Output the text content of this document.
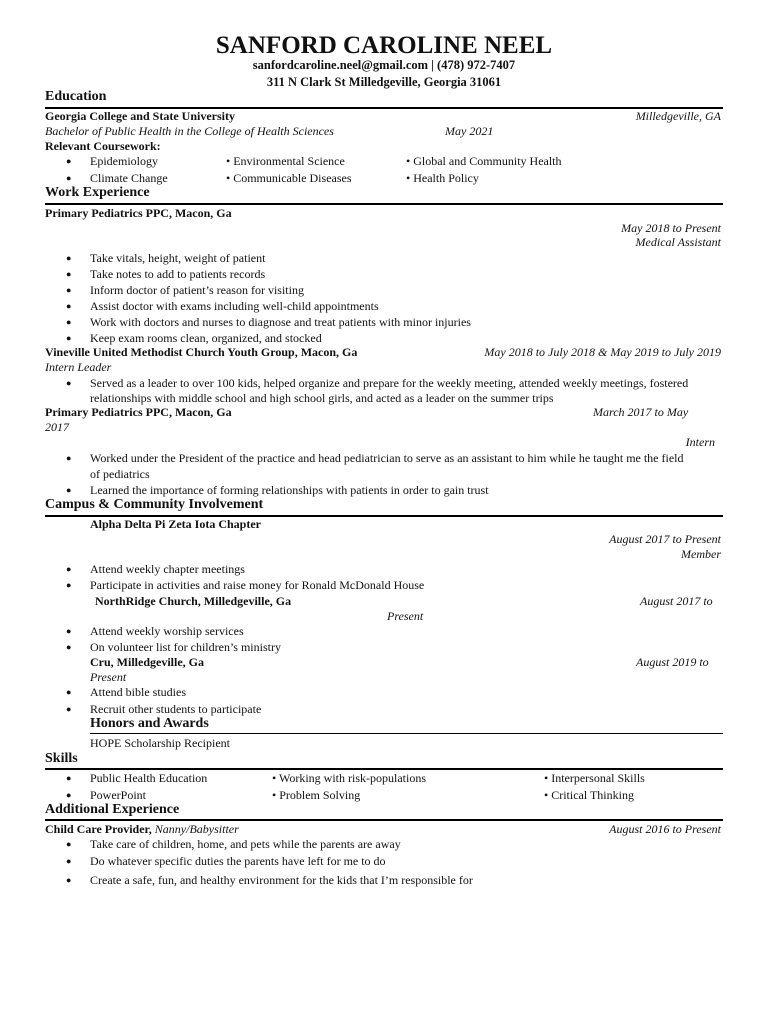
SANFORD CAROLINE NEEL
sanfordcaroline.neel@gmail.com | (478) 972-7407
311 N Clark St Milledgeville, Georgia 31061
Education
Georgia College and State University	Milledgeville, GA
Bachelor of Public Health in the College of Health Sciences	May 2021
Relevant Coursework:
● Epidemiology	• Environmental Science	• Global and Community Health
● Climate Change	• Communicable Diseases	• Health Policy
Work Experience
Primary Pediatrics PPC, Macon, Ga
May 2018 to Present
Medical Assistant
● Take vitals, height, weight of patient
● Take notes to add to patients records
● Inform doctor of patient’s reason for visiting
● Assist doctor with exams including well-child appointments
● Work with doctors and nurses to diagnose and treat patients with minor injuries
● Keep exam rooms clean, organized, and stocked
Vineville United Methodist Church Youth Group, Macon, Ga	May 2018 to July 2018 & May 2019 to July 2019
Intern Leader
● Served as a leader to over 100 kids, helped organize and prepare for the weekly meeting, attended weekly meetings, fostered
relationships with middle school and high school girls, and acted as a leader on the summer trips
Primary Pediatrics PPC, Macon, Ga	March 2017 to May
2017
Intern
● Worked under the President of the practice and head pediatrician to serve as an assistant to him while he taught me the field
of pediatrics
● Learned the importance of forming relationships with patients in order to gain trust
Campus & Community Involvement
Alpha Delta Pi Zeta Iota Chapter
August 2017 to Present
Member
● Attend weekly chapter meetings
● Participate in activities and raise money for Ronald McDonald House
NorthRidge Church, Milledgeville, Ga	August 2017 to
Present
● Attend weekly worship services
● On volunteer list for children’s ministry
Cru, Milledgeville, Ga	August 2019 to
Present
● Attend bible studies
● Recruit other students to participate
Honors and Awards
HOPE Scholarship Recipient
Skills
● Public Health Education	• Working with risk-populations	• Interpersonal Skills
● PowerPoint	• Problem Solving	• Critical Thinking
Additional Experience
Child Care Provider, Nanny/Babysitter	August 2016 to Present
● Take care of children, home, and pets while the parents are away
● Do whatever specific duties the parents have left for me to do
● Create a safe, fun, and healthy environment for the kids that I’m responsible for
